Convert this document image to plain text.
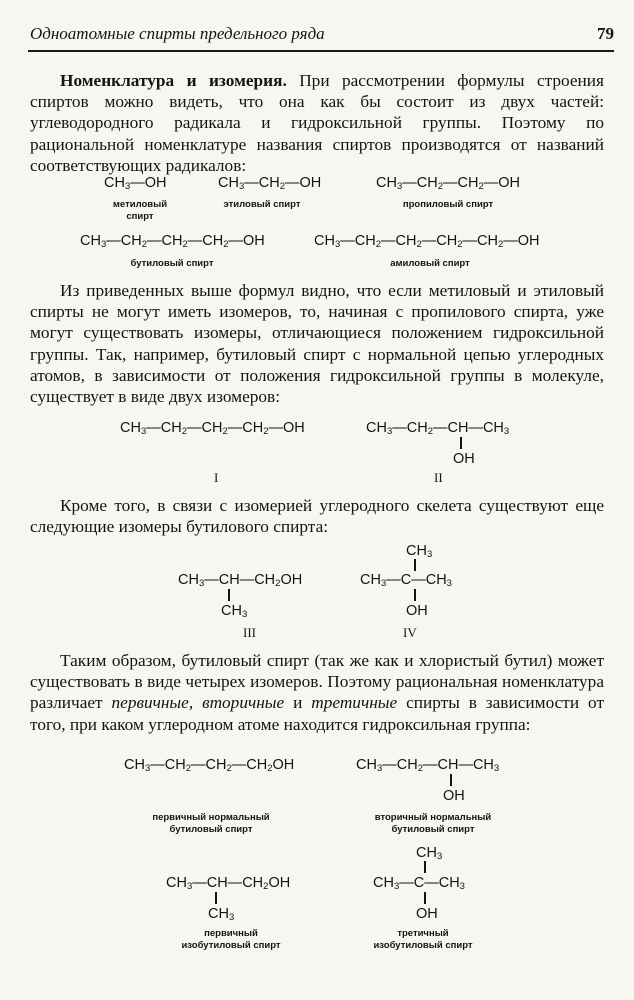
Одноатомные спирты предельного ряда	79
Номенклатура и изомерия. При рассмотрении формулы строения спиртов можно видеть, что она как бы состоит из двух частей: углеводородного радикала и гидроксильной группы. Поэтому по рациональной номенклатуре названия спиртов производятся от названий соответствующих радикалов:
$CH_3—OH$	$CH_3—CH_2—OH$	$CH_3—CH_2—CH_2—OH$
метиловый спирт
этиловый спирт	пропиловый спирт
$CH_3—CH_2—CH_2—CH_2—OH$	$CH_3—CH_2—CH_2—CH_2—CH_2—OH$
бутиловый спирт	амиловый спирт
Из приведенных выше формул видно, что если метиловый и этиловый спирты не могут иметь изомеров, то, начиная с пропилового спирта, уже могут существовать изомеры, отличающиеся положением гидроксильной группы. Так, например, бутиловый спирт с нормальной цепью углеродных атомов, в зависимости от положения гидроксильной группы в молекуле, существует в виде двух изомеров:
$CH_3—CH_2—CH_2—CH_2—OH$	$CH_3—CH_2—CH—CH_3$
OH
I	II
Кроме того, в связи с изомерией углеродного скелета существуют еще следующие изомеры бутилового спирта:
$CH_3—CH—CH_2OH$
$CH_3$
III
$CH_3$
$CH_3—C—CH_3$
OH
IV
Таким образом, бутиловый спирт (так же как и хлористый бутил) может существовать в виде четырех изомеров. Поэтому рациональная номенклатура различает первичные, вторичные и третичные спирты в зависимости от того, при каком углеродном атоме находится гидроксильная группа:
$CH_3—CH_2—CH_2—CH_2OH$	$CH_3—CH_2—CH—CH_3$
OH
первичный нормальный
бутиловый спирт
вторичный нормальный
бутиловый спирт
$CH_3—CH—CH_2OH$
$CH_3$
$CH_3$
$CH_3—C—CH_3$
OH
первичный
изобутиловый спирт
третичный
изобутиловый спирт
